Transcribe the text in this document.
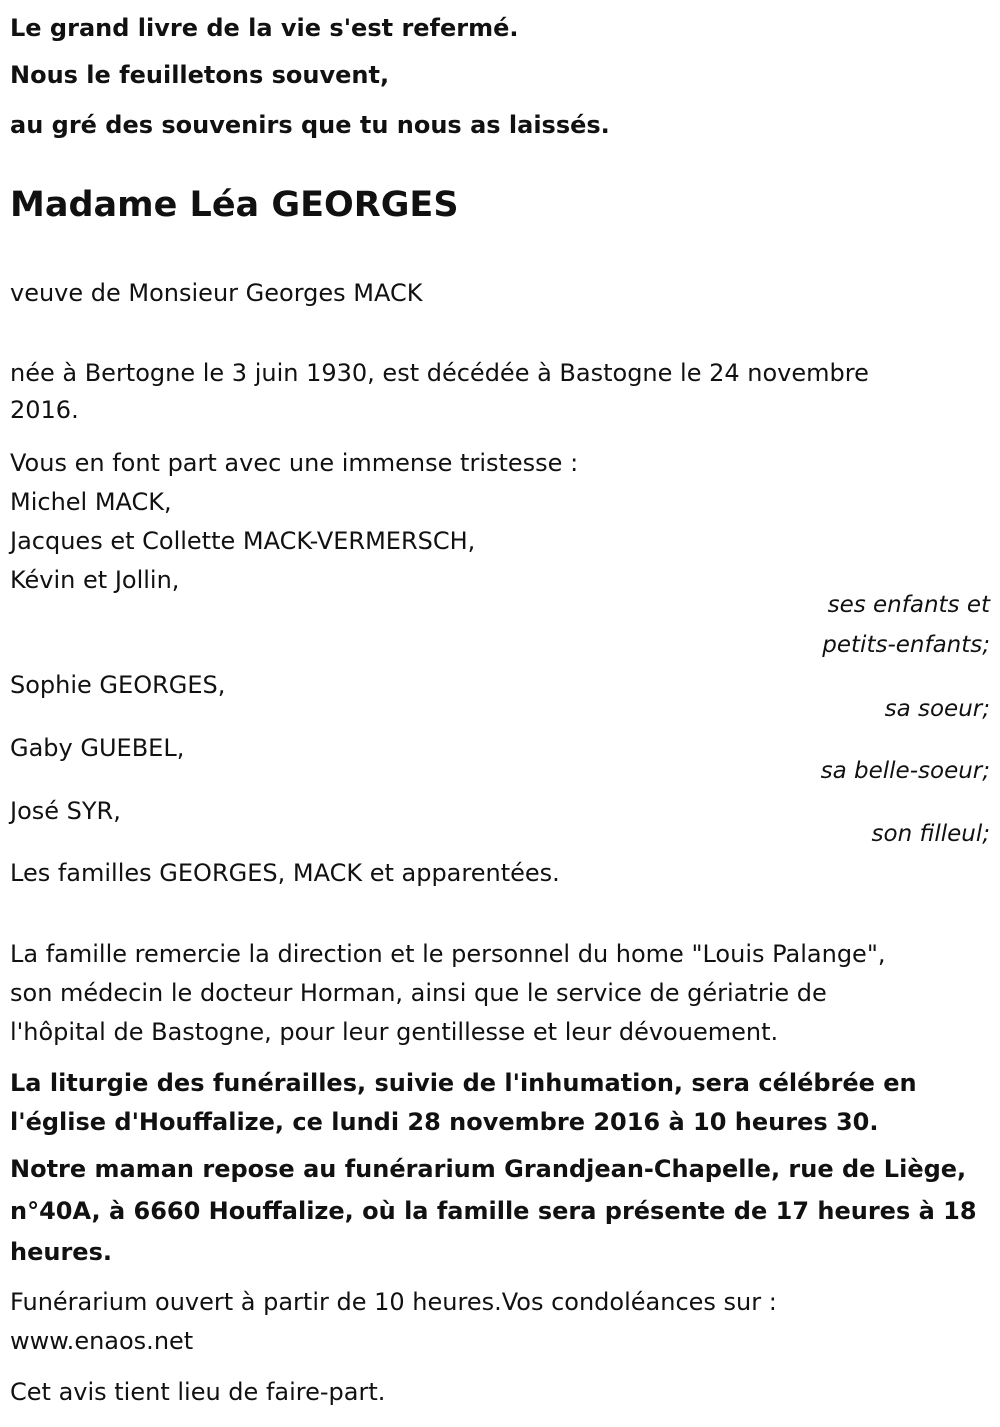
Le grand livre de la vie s'est refermé.
Nous le feuilletons souvent,
au gré des souvenirs que tu nous as laissés.
Madame Léa GEORGES
veuve de Monsieur Georges MACK
née à Bertogne le 3 juin 1930, est décédée à Bastogne le 24 novembre
2016.
Vous en font part avec une immense tristesse :
Michel MACK,
Jacques et Collette MACK-VERMERSCH,
Kévin et Jollin,
ses enfants et
petits-enfants;
Sophie GEORGES,
sa soeur;
Gaby GUEBEL,
sa belle-soeur;
José SYR,
son filleul;
Les familles GEORGES, MACK et apparentées.
La famille remercie la direction et le personnel du home "Louis Palange",
son médecin le docteur Horman, ainsi que le service de gériatrie de
l'hôpital de Bastogne, pour leur gentillesse et leur dévouement.
La liturgie des funérailles, suivie de l'inhumation, sera célébrée en
l'église d'Houffalize, ce lundi 28 novembre 2016 à 10 heures 30.
Notre maman repose au funérarium Grandjean-Chapelle, rue de Liège,
n°40A, à 6660 Houffalize, où la famille sera présente de 17 heures à 18
heures.
Funérarium ouvert à partir de 10 heures.Vos condoléances sur :
www.enaos.net
Cet avis tient lieu de faire-part.
